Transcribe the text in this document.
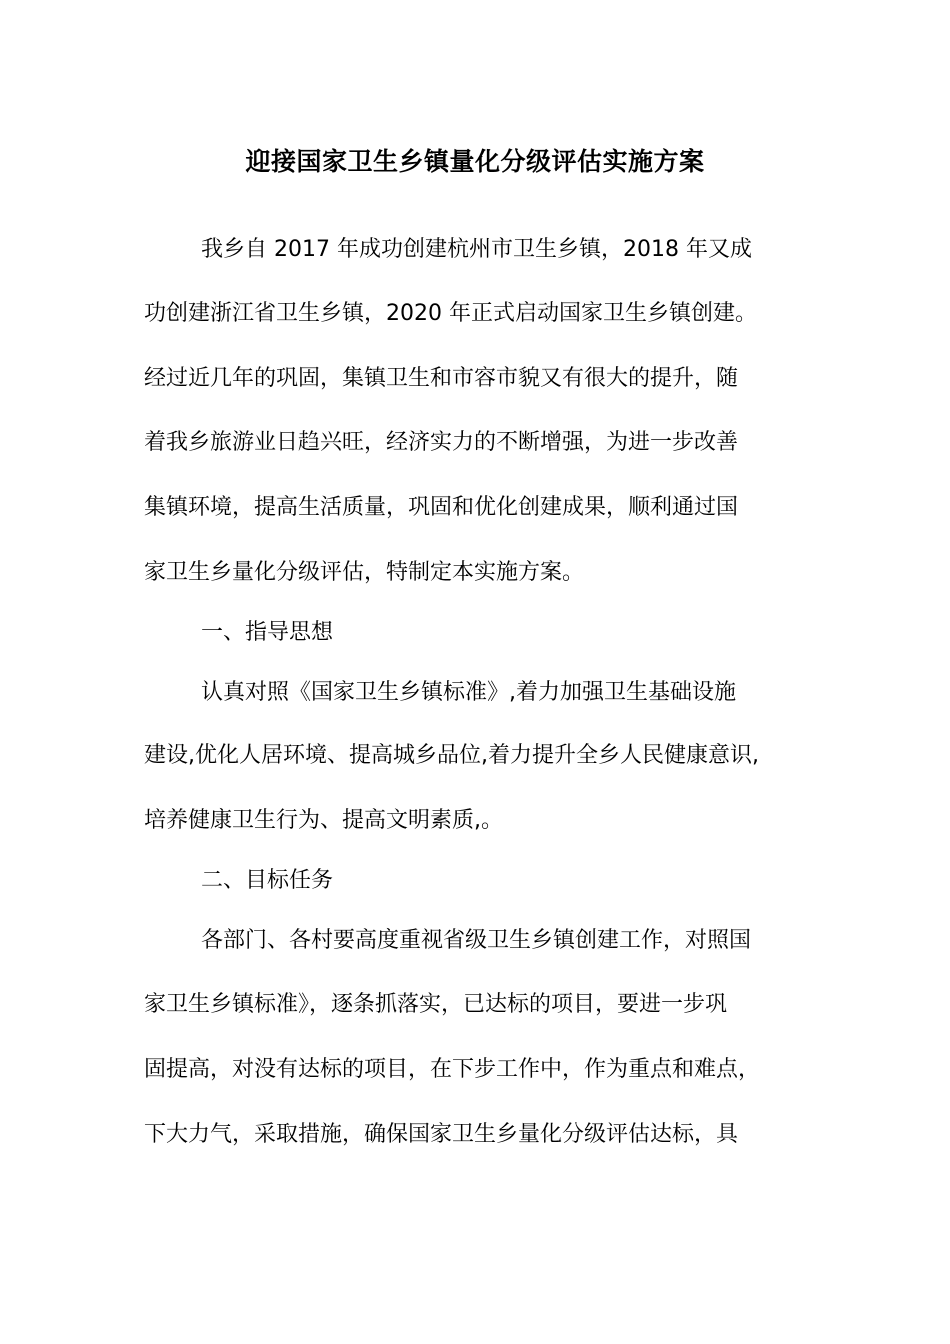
迎接国家卫生乡镇量化分级评估实施方案
我乡自 2017 年成功创建杭州市卫生乡镇，2018 年又成
功创建浙江省卫生乡镇，2020 年正式启动国家卫生乡镇创建。
经过近几年的巩固，集镇卫生和市容市貌又有很大的提升，随
着我乡旅游业日趋兴旺，经济实力的不断增强，为进一步改善
集镇环境，提高生活质量，巩固和优化创建成果，顺利通过国
家卫生乡量化分级评估，特制定本实施方案。
一、指导思想
认真对照《国家卫生乡镇标准》,着力加强卫生基础设施
建设,优化人居环境、提高城乡品位,着力提升全乡人民健康意识,
培养健康卫生行为、提高文明素质,。
二、目标任务
各部门、各村要高度重视省级卫生乡镇创建工作，对照国
家卫生乡镇标准》，逐条抓落实，已达标的项目，要进一步巩
固提高，对没有达标的项目，在下步工作中，作为重点和难点，
下大力气，采取措施，确保国家卫生乡量化分级评估达标，具
